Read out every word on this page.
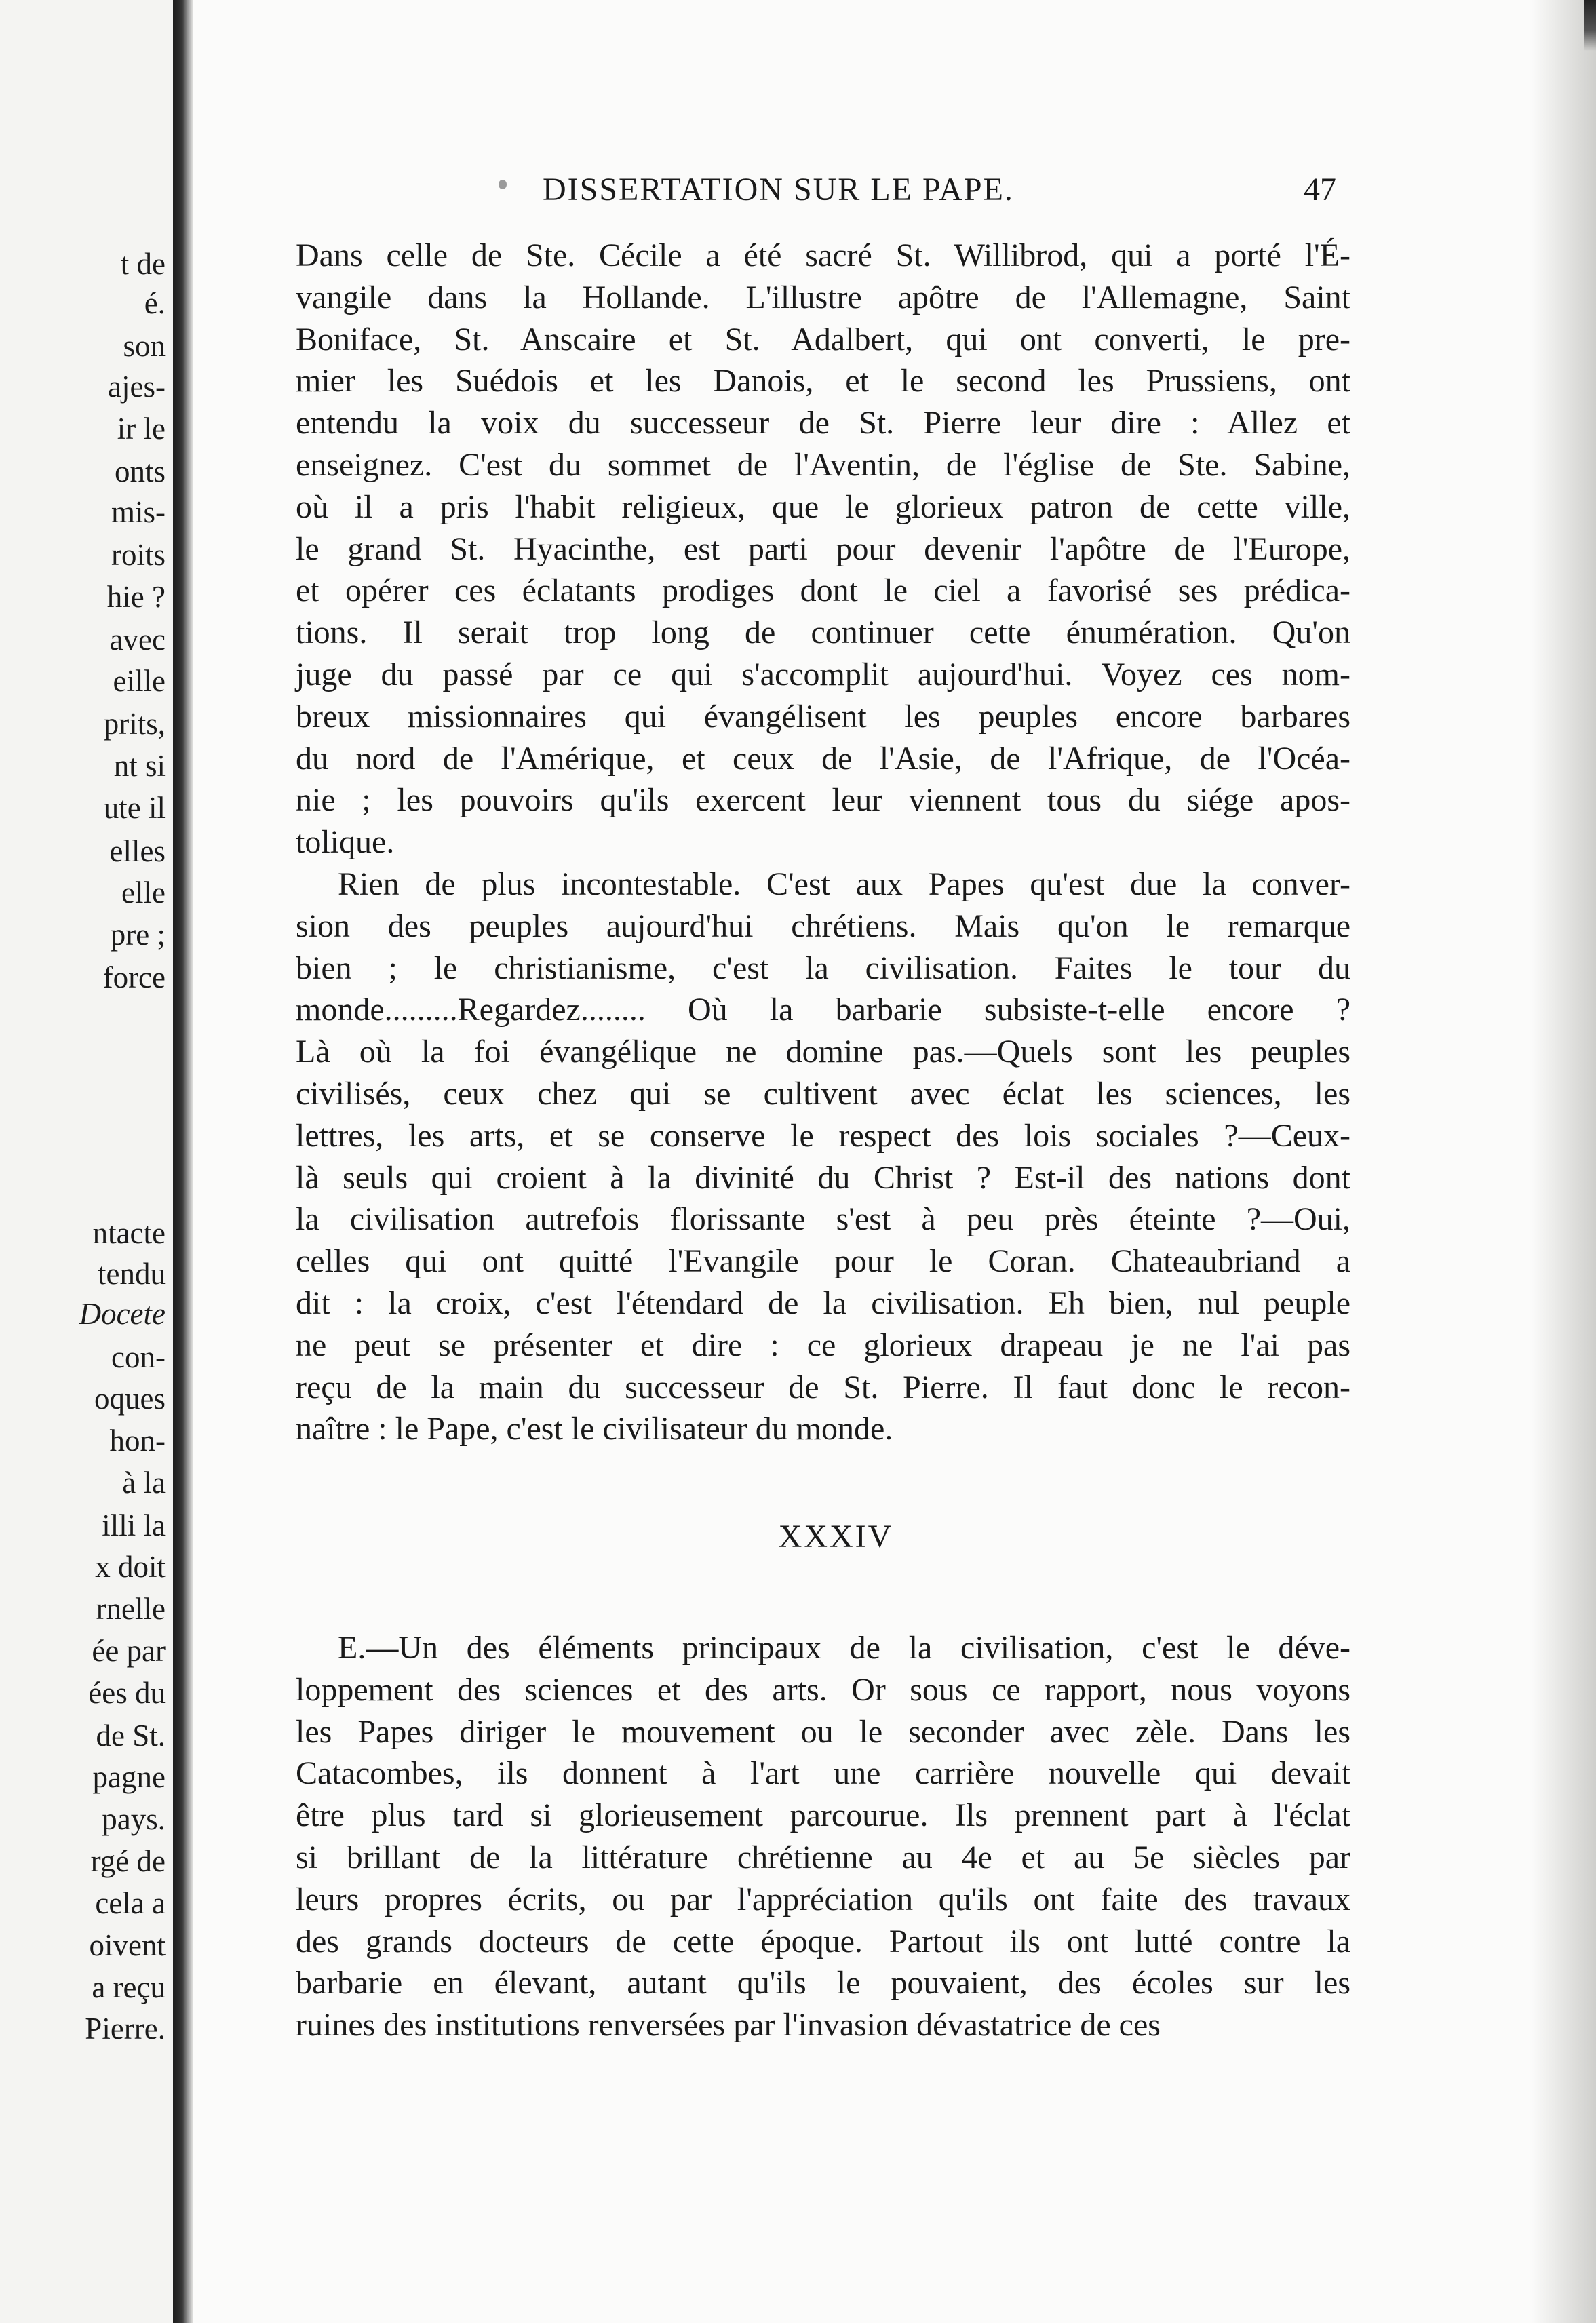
t de
é.
son
ajes-
ir le
onts
mis-
roits
hie ?
avec
eille
prits,
nt si
ute il
elles
elle
pre ;
force
ntacte
tendu
Docete
con-
oques
hon-
à la
illi la
x doit
rnelle
ée par
ées du
de St.
pagne
pays.
rgé de
cela a
oivent
a reçu
Pierre.
DISSERTATION SUR LE PAPE.	47
Dans celle de Ste. Cécile a été sacré St. Willibrod, qui a porté l'É-
vangile dans la Hollande. L'illustre apôtre de l'Allemagne, Saint
Boniface, St. Anscaire et St. Adalbert, qui ont converti, le pre-
mier les Suédois et les Danois, et le second les Prussiens, ont
entendu la voix du successeur de St. Pierre leur dire : Allez et
enseignez. C'est du sommet de l'Aventin, de l'église de Ste. Sabine,
où il a pris l'habit religieux, que le glorieux patron de cette ville,
le grand St. Hyacinthe, est parti pour devenir l'apôtre de l'Europe,
et opérer ces éclatants prodiges dont le ciel a favorisé ses prédica-
tions. Il serait trop long de continuer cette énumération. Qu'on
juge du passé par ce qui s'accomplit aujourd'hui. Voyez ces nom-
breux missionnaires qui évangélisent les peuples encore barbares
du nord de l'Amérique, et ceux de l'Asie, de l'Afrique, de l'Océa-
nie ; les pouvoirs qu'ils exercent leur viennent tous du siége apos-
tolique.
Rien de plus incontestable. C'est aux Papes qu'est due la conver-
sion des peuples aujourd'hui chrétiens. Mais qu'on le remarque
bien ; le christianisme, c'est la civilisation. Faites le tour du
monde.........Regardez........ Où la barbarie subsiste-t-elle encore ?
Là où la foi évangélique ne domine pas.—Quels sont les peuples
civilisés, ceux chez qui se cultivent avec éclat les sciences, les
lettres, les arts, et se conserve le respect des lois sociales ?—Ceux-
là seuls qui croient à la divinité du Christ ? Est-il des nations dont
la civilisation autrefois florissante s'est à peu près éteinte ?—Oui,
celles qui ont quitté l'Evangile pour le Coran. Chateaubriand a
dit : la croix, c'est l'étendard de la civilisation. Eh bien, nul peuple
ne peut se présenter et dire : ce glorieux drapeau je ne l'ai pas
reçu de la main du successeur de St. Pierre. Il faut donc le recon-
naître : le Pape, c'est le civilisateur du monde.
XXXIV
E.—Un des éléments principaux de la civilisation, c'est le déve-
loppement des sciences et des arts. Or sous ce rapport, nous voyons
les Papes diriger le mouvement ou le seconder avec zèle. Dans les
Catacombes, ils donnent à l'art une carrière nouvelle qui devait
être plus tard si glorieusement parcourue. Ils prennent part à l'éclat
si brillant de la littérature chrétienne au 4e et au 5e siècles par
leurs propres écrits, ou par l'appréciation qu'ils ont faite des travaux
des grands docteurs de cette époque. Partout ils ont lutté contre la
barbarie en élevant, autant qu'ils le pouvaient, des écoles sur les
ruines des institutions renversées par l'invasion dévastatrice de ces
